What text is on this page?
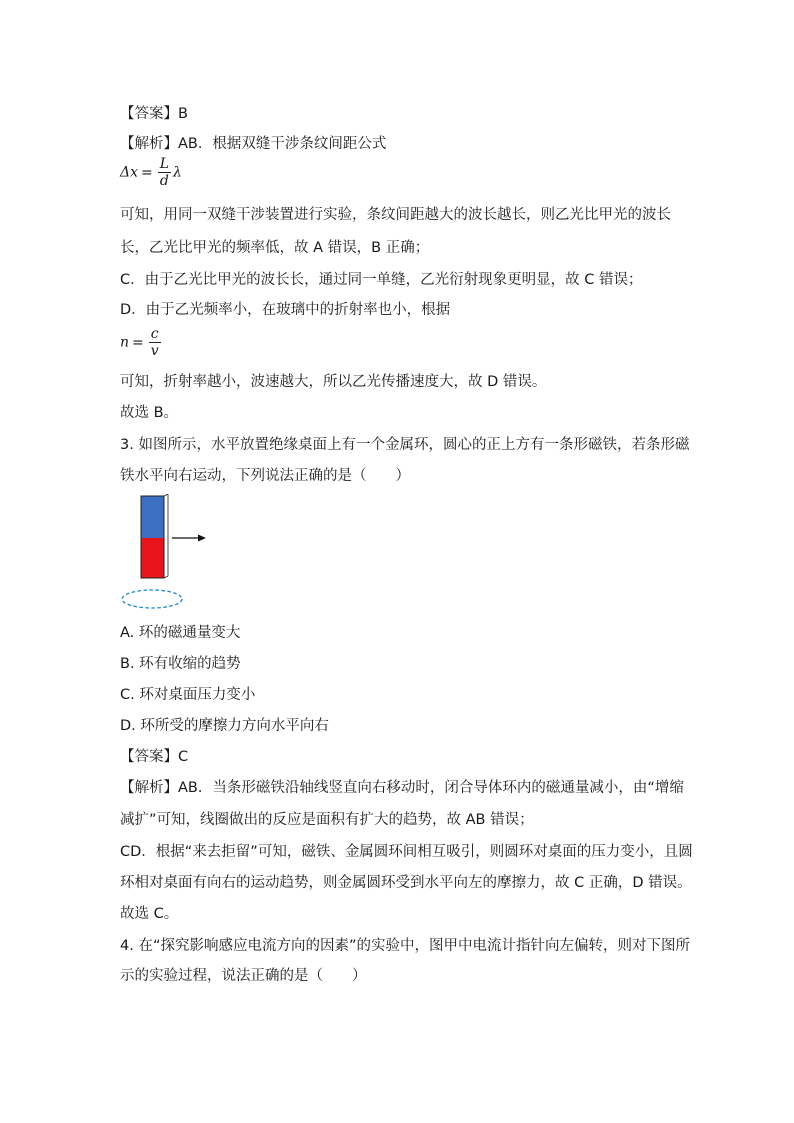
【答案】B
【解析】AB．根据双缝干涉条纹间距公式
$\Delta x = \frac{L}{d}$ λ
可知，用同一双缝干涉装置进行实验，条纹间距越大的波长越长，则乙光比甲光的波长
长，乙光比甲光的频率低，故 A 错误，B 正确；
C．由于乙光比甲光的波长长，通过同一单缝，乙光衍射现象更明显，故 C 错误；
D．由于乙光频率小，在玻璃中的折射率也小，根据
$n = \frac{c}{v}$
可知，折射率越小，波速越大，所以乙光传播速度大，故 D 错误。
故选 B。
3. 如图所示，水平放置绝缘桌面上有一个金属环，圆心的正上方有一条形磁铁，若条形磁
铁水平向右运动，下列说法正确的是（　　）
A. 环的磁通量变大
B. 环有收缩的趋势
C. 环对桌面压力变小
D. 环所受的摩擦力方向水平向右
【答案】C
【解析】AB．当条形磁铁沿轴线竖直向右移动时，闭合导体环内的磁通量减小，由“增缩
减扩”可知，线圈做出的反应是面积有扩大的趋势，故 AB 错误；
CD．根据“来去拒留”可知，磁铁、金属圆环间相互吸引，则圆环对桌面的压力变小，且圆
环相对桌面有向右的运动趋势，则金属圆环受到水平向左的摩擦力，故 C 正确，D 错误。
故选 C。
4. 在“探究影响感应电流方向的因素”的实验中，图甲中电流计指针向左偏转，则对下图所
示的实验过程，说法正确的是（　　）
